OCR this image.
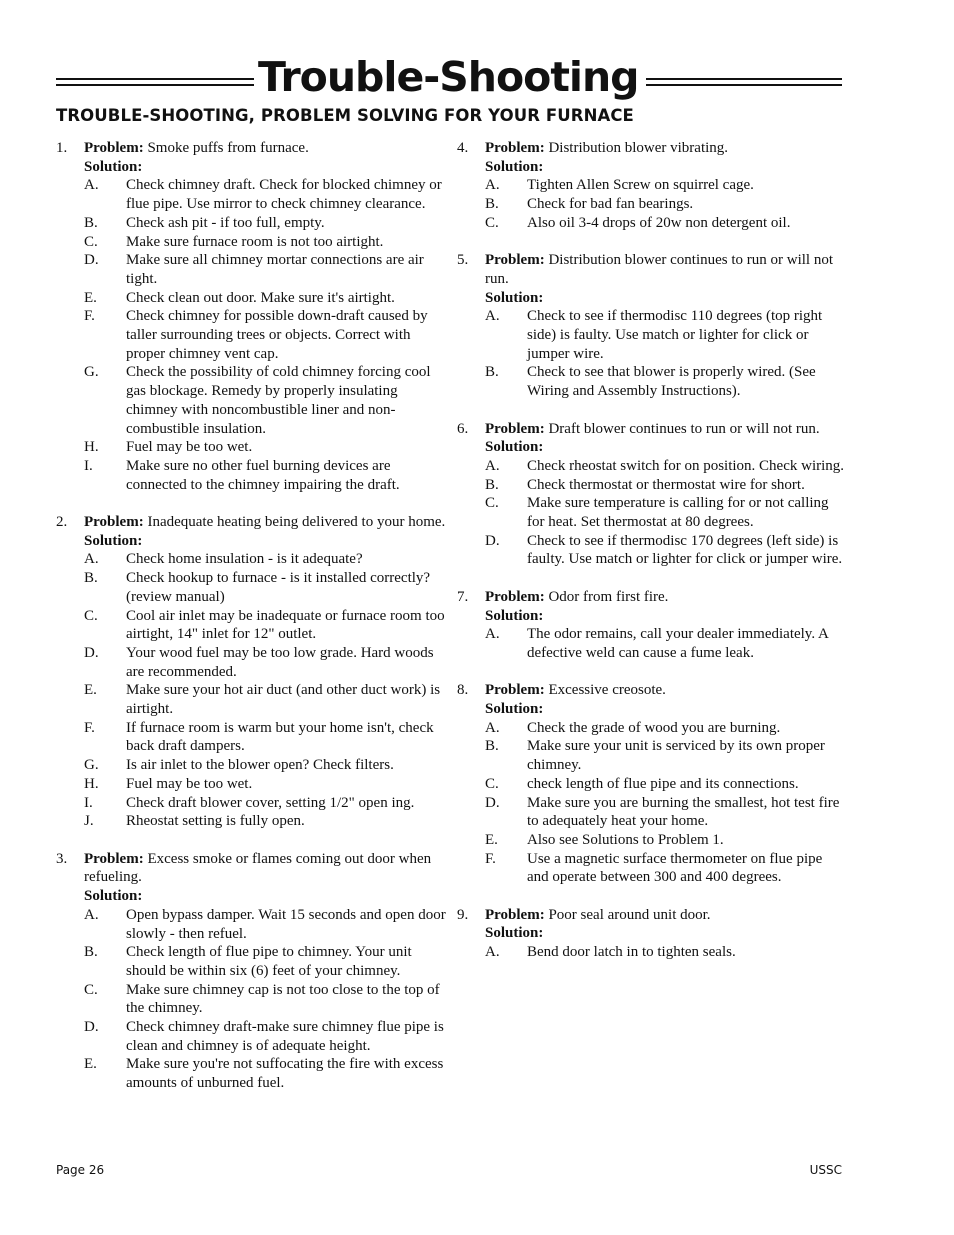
Trouble-Shooting
TROUBLE-SHOOTING, PROBLEM SOLVING FOR YOUR FURNACE
1.	Problem: Smoke puffs from furnace.
Solution:
A.	Check chimney draft. Check for blocked chimney or flue pipe. Use mirror to check chimney clearance.
B.	Check ash pit - if too full, empty.
C.	Make sure furnace room is not too airtight.
D.	Make sure all chimney mortar connections are air tight.
E.	Check clean out door. Make sure it's airtight.
F.	Check chimney for possible down-draft caused by taller surrounding trees or objects. Correct with proper chimney vent cap.
G.	Check the possibility of cold chimney forcing cool gas blockage. Remedy by properly insulating chimney with noncombustible liner and non- combustible insulation.
H.	Fuel may be too wet.
I.	Make sure no other fuel burning devices are connected to the chimney impairing the draft.
2.	Problem: Inadequate heating being delivered to your home.
Solution:
A.	Check home insulation - is it adequate?
B.	Check hookup to furnace - is it installed correctly? (review manual)
C.	Cool air inlet may be inadequate or furnace room too airtight, 14" inlet for 12" outlet.
D.	Your wood fuel may be too low grade. Hard woods are recommended.
E.	Make sure your hot air duct (and other duct work) is airtight.
F.	If furnace room is warm but your home isn't, check back draft dampers.
G.	Is air inlet to the blower open? Check filters.
H.	Fuel may be too wet.
I.	Check draft blower cover, setting 1/2" open ing.
J.	Rheostat setting is fully open.
3.	Problem: Excess smoke or flames coming out door when refueling.
Solution:
A.	Open bypass damper. Wait 15 seconds and open door slowly - then refuel.
B.	Check length of flue pipe to chimney. Your unit should be within six (6) feet of your chimney.
C.	Make sure chimney cap is not too close to the top of the chimney.
D.	Check chimney draft-make sure chimney flue pipe is clean and chimney is of adequate height.
E.	Make sure you're not suffocating the fire with excess amounts of unburned fuel.
4.	Problem: Distribution blower vibrating.
Solution:
A.	Tighten Allen Screw on squirrel cage.
B.	Check for bad fan bearings.
C.	Also oil 3-4 drops of 20w non detergent oil.
5.	Problem: Distribution blower continues to run or will not run.
Solution:
A.	Check to see if thermodisc 110 degrees (top right side) is faulty. Use match or lighter for click or jumper wire.
B.	Check to see that blower is properly wired. (See Wiring and Assembly Instructions).
6.	Problem: Draft blower continues to run or will not run.
Solution:
A.	Check rheostat switch for on position. Check wiring.
B.	Check thermostat or thermostat wire for short.
C.	Make sure temperature is calling for or not calling for heat. Set thermostat at 80 degrees.
D.	Check to see if thermodisc 170 degrees (left side) is faulty. Use match or lighter for click or jumper wire.
7.	Problem: Odor from first fire.
Solution:
A.	The odor remains, call your dealer immediately. A defective weld can cause a fume leak.
8.	Problem: Excessive creosote.
Solution:
A.	Check the grade of wood you are burning.
B.	Make sure your unit is serviced by its own proper chimney.
C.	check length of flue pipe and its connections.
D.	Make sure you are burning the smallest, hot test fire to adequately heat your home.
E.	Also see Solutions to Problem 1.
F.	Use a magnetic surface thermometer on flue pipe and operate between 300 and 400 degrees.
9.	Problem: Poor seal around unit door.
Solution:
A.	Bend door latch in to tighten seals.
Page 26	USSC
